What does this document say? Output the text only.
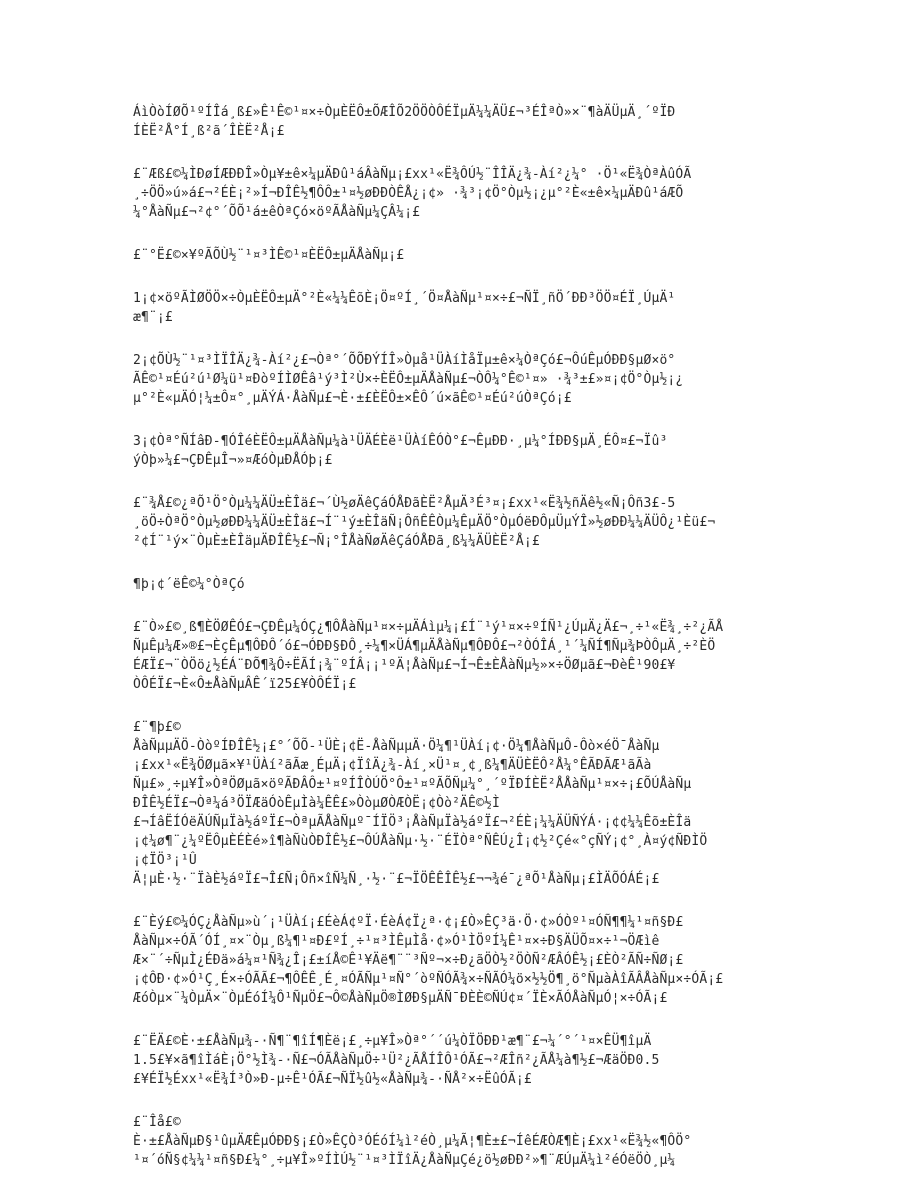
ÁìÒòÍØÕ¹ºÍÎá¸ß£»Ê¹Ê©¹¤×÷ÒµÈËÔ±ÕÆÎÕ2ÖÖÒÔÉÏµÄ¼¼ÄÜ£¬³ÉÎªÒ»×¨¶àÄÜµÄ¸´ºÏÐ
ÍÈË²Å°Í¸ß²ã´ÎÈË²Å¡£

£¨Æß£©¼ÌÐøÍÆÐÐÎ»Òµ¥±ê×¼µÄÐû¹áÂàÑµ¡£xx¹«Ë¾ÔÚ½¨ÎÎÄ¿¾-Àí²¿¼° ·Ö¹«Ë¾ÒªÀûÓÃ
¸÷ÖÖ»ú»á£¬²ÉÈ¡²»Í¬ÐÎÊ½¶ÔÔ±¹¤½øÐÐÒÊÅ¿¡¢» ·¾³¡¢Ö°Òµ½¡¿µ°²È«±ê×¼µÄÐû¹áÆÕ
¼°ÅàÑµ£¬²¢°´ÕÕ¹á±êÒªÇó×öºÃÅàÑµ¼ÇÂ¼¡£

£¨°Ë£©×¥ºÃÕÙ½¨¹¤³ÌÊ©¹¤ÈËÔ±µÄÅàÑµ¡£

1¡¢×öºÃÌØÖÖ×÷ÒµÈËÔ±µÄ°²È«¼¼ÊõÈ¡Ö¤ºÍ¸´Ö¤ÅàÑµ¹¤×÷£¬ÑÏ¸ñÖ´ÐÐ³ÖÖ¤ÉÏ¸ÚµÄ¹
æ¶¨¡£

2¡¢ÕÙ½¨¹¤³ÌÏÎÄ¿¾-Àí²¿£¬Òª°´ÕÕÐÝÍÎ»Òµå¹ÜÀíÌåÏµ±ê×¼ÒªÇó£¬ÔúÊµÓÐÐ§µØ×ö°
ÃÊ©¹¤Éú²ú¹Ø¼ü¹¤ÐòºÍÌØÊâ¹ý³Ì²Ù×÷ÈËÔ±µÄÅàÑµ£¬ÒÔ¼°Ê©¹¤» ·¾³±£»¤¡¢Ö°Òµ½¡¿
µ°²È«µÄÓ¦¼±Ô¤°¸µÄÝÁ·ÅàÑµ£¬È·±£ÈËÔ±×ÊÔ´ú×ãÊ©¹¤Éú²úÒªÇó¡£

3¡¢Òª°ÑÍâÐ-¶ÓÎéÈËÔ±µÄÅàÑµ¼à¹ÜÄÉÈë¹ÜÀíÊÓÒ°£¬ÊµÐÐ·¸µ¼°ÍÐÐ§µÄ¸ÉÔ¤£¬Ïû³
ýÒþ»¼£¬ÇÐÊµÎ¬»¤ÆóÒµÐÅÓþ¡£

£¨¾Å£©¿ªÕ¹Ö°Òµ¼¼ÄÜ±ÈÎä£¬´Ù½øÄêÇáÓÅÐãÈË²ÅµÄ³É³¤¡£xx¹«Ë¾½ñÄê½«Ñ¡Ôñ3£-5
¸öÖ÷ÒªÖ°Òµ½øÐÐ¼¼ÄÜ±ÈÎä£¬Í¨¹ý±ÈÎäÑ¡ÔñÊÊÒµ¼ÊµÄÖ°ÒµÓëÐÔµÜµÝÎ»½øÐÐ¼¼ÄÜÔ¿¹Èü£¬
²¢Í¨¹ý×¨ÒµÈ±ÈÎäµÄÐÎÊ½£¬Ñ¡°ÎÅàÑøÄêÇáÓÅÐã¸ß¼¼ÄÜÈË²Å¡£

¶þ¡¢´ëÊ©¼°ÒªÇó

£¨Ò»£©¸ß¶ÈÖØÊÓ£¬ÇÐÊµ¼ÓÇ¿¶ÔÅàÑµ¹¤×÷µÄÁìµ¼¡£Í¨¹ý¹¤×÷ºÍÑ¹¿ÚµÄ¿Ä£¬¸÷¹«Ë¾¸÷²¿ÃÅ
ÑµÊµ¼Æ»®£¬ÈçÊµ¶ÔÐÔ´ó£¬ÓÐÐ§ÐÔ¸÷¼¶×ÜÁ¶µÄÅàÑµ¶ÔÐÔ£¬²ÒÓÎÁ¸¹´¼ÑÍ¶Ñµ¾ÞÒÔµÄ¸÷²ÈÖ
ÉÆÏ£¬¨ÒÖö¿½ÉÁ¨ÐÕ¶¾Ô÷ËÃÍ¡¾¨ºÍÂ¡¡¹ºÄ¦ÅàÑµ£¬Í¬Ê±ÈÅàÑµ½»×÷ÖØµã£¬ÐèÊ¹90£¥
ÒÔÉÏ£¬È«Ô±ÅàÑµÂÊ´ï25£¥ÒÔÉÏ¡£

£¨¶þ£©
ÅàÑµµÄÖ-ÒòºÍÐÎÊ½¡£°´ÕÕ-¹ÜÈ¡¢Ë-ÅàÑµµÄ·Ö¼¶¹ÜÀí¡¢·Ö¼¶ÅàÑµÔ-Ôò×éÖ¯ÅàÑµ
¡£xx¹«Ë¾ÖØµã×¥¹ÜÀí²ãÃæ¸ÉµÄ¡¢ÏîÄ¿¾-Àí¸×Ü¹¤¸¢¸ß¼¶ÄÜÈËÔ²Å¼°ÊÃÐÃÆ¹ãÃà
Ñµ£»¸÷µ¥Î»ÒªÖØµã×öºÃÐÂÔ±¹¤ºÍÎÒÚÖ°Ô±¹¤ºÃÕÑµ¼°¸´ºÏÐÍÈË²ÅÅàÑµ¹¤×÷¡£ÕÚÅàÑµ
ÐÎÊ½ÉÏ£¬Òª¼á³ÖÏÆäÓòÊµÌà¼ÊÊ£»ÒòµØÒÆÒË¡¢Òò²ÄÊ©½Ì
£¬ÍâËÍÓëÄÚÑµÏà½áºÏ£¬ÒªµÃÅàÑµº¯ÍÏÖ³¡ÅàÑµÏà½áºÏ£¬²ÉÈ¡¼¼ÄÜÑÝÁ·¡¢¢¼¼Êõ±ÈÎä
¡¢¼ø¶¨¿¼ºËÔµÈÉÈé»î¶àÑùÒÐÎÊ½£¬ÔÚÅàÑµ·½·¨ÉÏÒª°ÑÊÚ¿Î¡¢½²Çé«°çÑÝ¡¢°¸À¤ý¢ÑÐÌÖ
¡¢ÏÖ³¡¹Û
Ä¦µÈ·½·¨ÏàÈ½áºÏ£¬Î£Ñ¡Ôñ×îÑ¼Ñ¸·½·¨£¬ÏÖÊÊÎÊ½£¬¬¾é¯¿ªÕ¹ÅàÑµ¡£ÌÄÕÓÁÉ¡£

£¨Èý£©¼ÓÇ¿ÅàÑµ»ù´¡¹ÜÀí¡£ÉèÁ¢ºÏ·ÉèÁ¢Ï¿ª·¢¡£Ò»ÊÇ³ä·Ö·¢»ÓÒº¹¤ÓÑ¶¶¼¹¤ñ§Ð£
ÅàÑµ×÷ÓÃ´ÓÍ¸¤×¨Òµ¸ß¼¶¹¤Ð£ºÍ¸÷¹¤³ÌÊµÌå·¢»Ó¹ÌÖºÍ¼Ê¹¤×÷Ð§ÄÜÕ¤×÷¹¬ÖÆìê
Æ×¨´÷ÑµÌ¿ÉÐä»á¼¤¹Ñ¾¿Î¡£±íÅ©Ê¹¥Äë¶¨¨³Ñº¬×÷Ð¿ãÖÒ½²ÖÒÑ²ÆÂÓÊ½¡£ÈÒ²ÃÑ÷ÑØ¡£
¡¢ÔÐ·¢»Ó¹Ç¸É×÷ÓÃÃ£¬¶ÔÊÊ¸É¸¤ÓÃÑµ¹¤Ñ°´òºÑÓÃ¾×÷ÑÃÓ¼ö×½½Ö¶¸ö°ÑµàÀîÃÂÅàÑµ×÷ÓÃ¡£
ÆóÒµ×¨¼ÒµÄ×¨ÒµÉóÍ¼Ô¹ÑµÖ£¬Ô©ÅàÑµÖ®ÌØÐ§µÄÑ¯ÐÈÈ©ÑÚ¢¤´ÏÈ×ÃÓÅàÑµÓ¦×÷ÓÃ¡£

£¨ËÄ£©È·±£ÅàÑµ¾-·Ñ¶¨¶îÍ¶Èë¡£¸÷µ¥Î»Òª°´´ú¼ÒÏÖÐÐ¹æ¶¨£¬¼´°´¹¤×ÊÜ¶îµÄ
1.5£¥×ã¶îÌáÈ¡Ö°½Ì¾-·Ñ£¬ÓÃÅàÑµÖ÷¹Ü²¿ÃÅÍÎÔ¹ÓÃ£¬²ÆÎñ²¿ÃÅ¼à¶½£¬ÆäÖÐ0.5
£¥ÉÏ½Éxx¹«Ë¾Í³Ò»Ð-µ÷Ê¹ÓÃ£¬ÑÏ½û½«ÅàÑµ¾-·ÑÅ²×÷ËûÓÃ¡£

£¨Îå£©
È·±£ÅàÑµÐ§¹ûµÄÆÊµÓÐÐ§¡£Ò»ÊÇÒ³ÓÉóÍ¼ì²éÒ¸µ¼Ã¦¶È±£¬ÍêÉÆÒÆ¶È¡£xx¹«Ë¾½«¶ÔÖ°
¹¤´óÑ§¢¼¼¹¤ñ§Ð£¼°¸÷µ¥Î»ºÍÌÚ½¨¹¤³ÌÏîÄ¿ÅàÑµÇé¿ö½øÐÐ²»¶¨ÆÚµÄ¼ì²éÓëÖÒ¸µ¼
